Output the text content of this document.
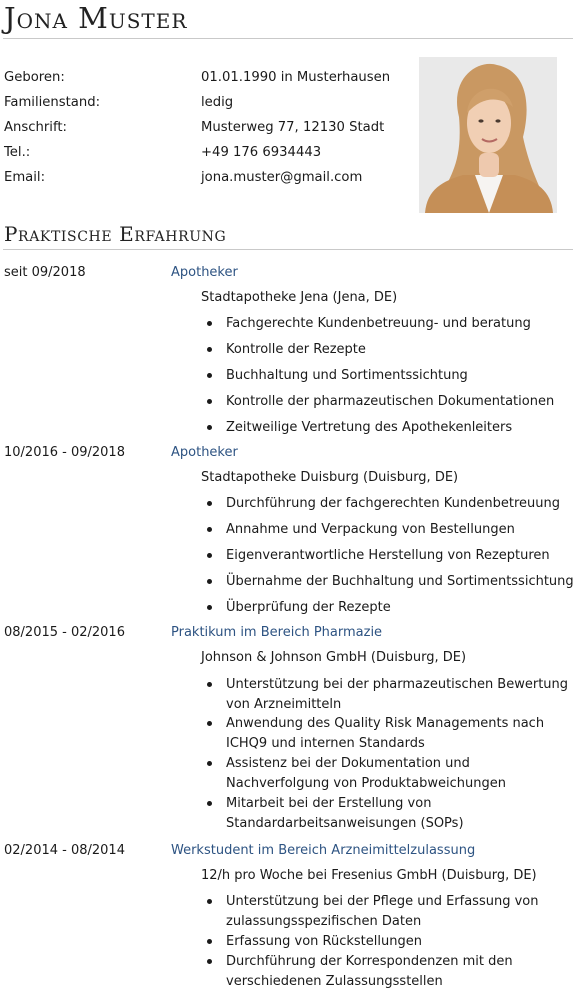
Jona Muster
Geboren:	01.01.1990 in Musterhausen
Familienstand:	ledig
Anschrift:	Musterweg 77, 12130 Stadt
Tel.:	+49 176 6934443
Email:	jona.muster@gmail.com
Praktische Erfahrung
seit 09/2018	Apotheker
Stadtapotheke Jena (Jena, DE)
Fachgerechte Kundenbetreuung- und beratung
Kontrolle der Rezepte
Buchhaltung und Sortimentssichtung
Kontrolle der pharmazeutischen Dokumentationen
Zeitweilige Vertretung des Apothekenleiters
10/2016 - 09/2018	Apotheker
Stadtapotheke Duisburg (Duisburg, DE)
Durchführung der fachgerechten Kundenbetreuung
Annahme und Verpackung von Bestellungen
Eigenverantwortliche Herstellung von Rezepturen
Übernahme der Buchhaltung und Sortimentssichtung
Überprüfung der Rezepte
08/2015 - 02/2016	Praktikum im Bereich Pharmazie
Johnson & Johnson GmbH (Duisburg, DE)
Unterstützung bei der pharmazeutischen Bewertung von Arzneimitteln
Anwendung des Quality Risk Managements nach ICHQ9 und internen Standards
Assistenz bei der Dokumentation und Nachverfolgung von Produktabweichungen
Mitarbeit bei der Erstellung von Standardarbeitsanweisungen (SOPs)
02/2014 - 08/2014	Werkstudent im Bereich Arzneimittelzulassung
12/h pro Woche bei Fresenius GmbH (Duisburg, DE)
Unterstützung bei der Pflege und Erfassung von zulassungsspezifischen Daten
Erfassung von Rückstellungen
Durchführung der Korrespondenzen mit den verschiedenen Zulassungsstellen
